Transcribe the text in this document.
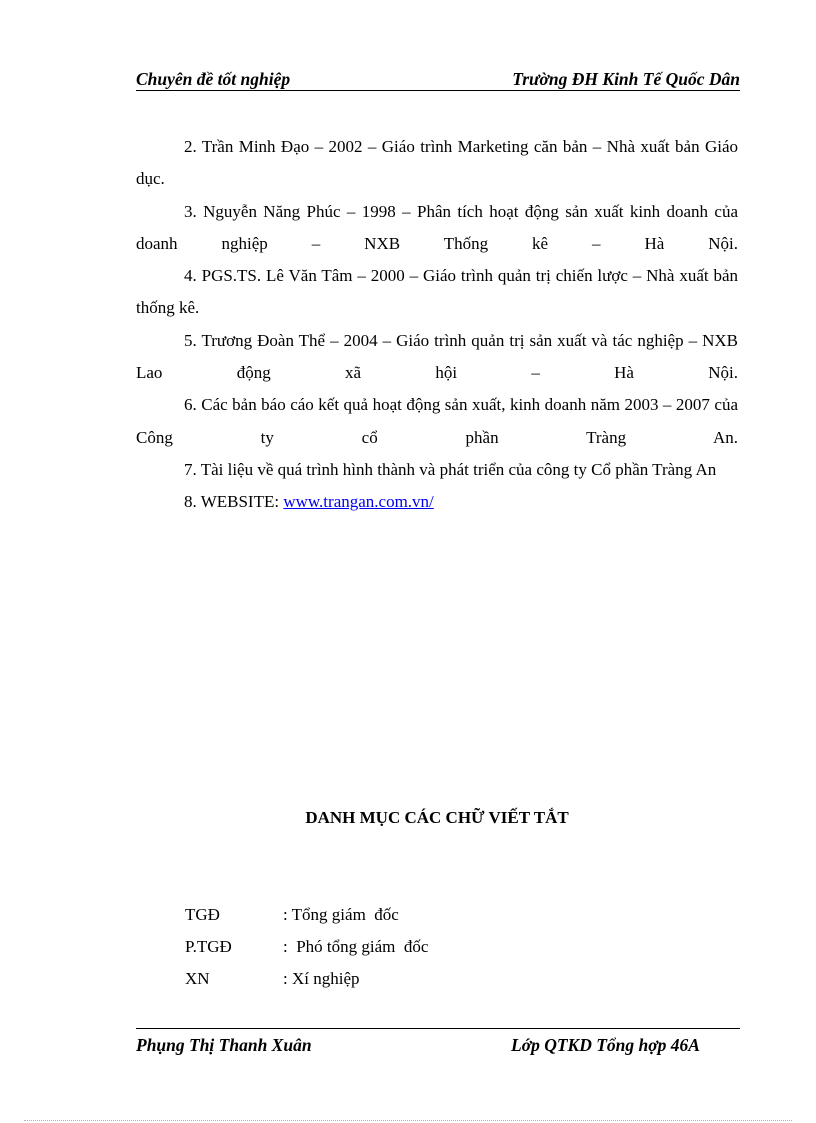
Chuyên đề tốt nghiệp	Trường ĐH Kinh Tế Quốc Dân

2. Trần Minh Đạo – 2002 – Giáo trình Marketing căn bản – Nhà xuất bản Giáo dục.

3. Nguyễn Năng Phúc – 1998 – Phân tích hoạt động sản xuất kinh doanh của doanh nghiệp – NXB Thống kê – Hà Nội.

4. PGS.TS. Lê Văn Tâm – 2000 – Giáo trình quản trị chiến lược – Nhà xuất bản thống kê.

5. Trương Đoàn Thể – 2004 – Giáo trình quản trị sản xuất và tác nghiệp – NXB Lao động xã hội – Hà Nội.

6. Các bản báo cáo kết quả hoạt động sản xuất, kinh doanh năm 2003 – 2007 của Công ty cổ phần Tràng An.

7. Tài liệu về quá trình hình thành và phát triển của công ty Cổ phần Tràng An

8. WEBSITE: www.trangan.com.vn/

DANH MỤC CÁC CHỮ VIẾT TẮT
TGĐ	: Tổng giám  đốc
P.TGĐ	:  Phó tổng giám  đốc
XN	: Xí nghiệp
Phụng Thị Thanh Xuân	Lớp QTKD Tổng hợp 46A
